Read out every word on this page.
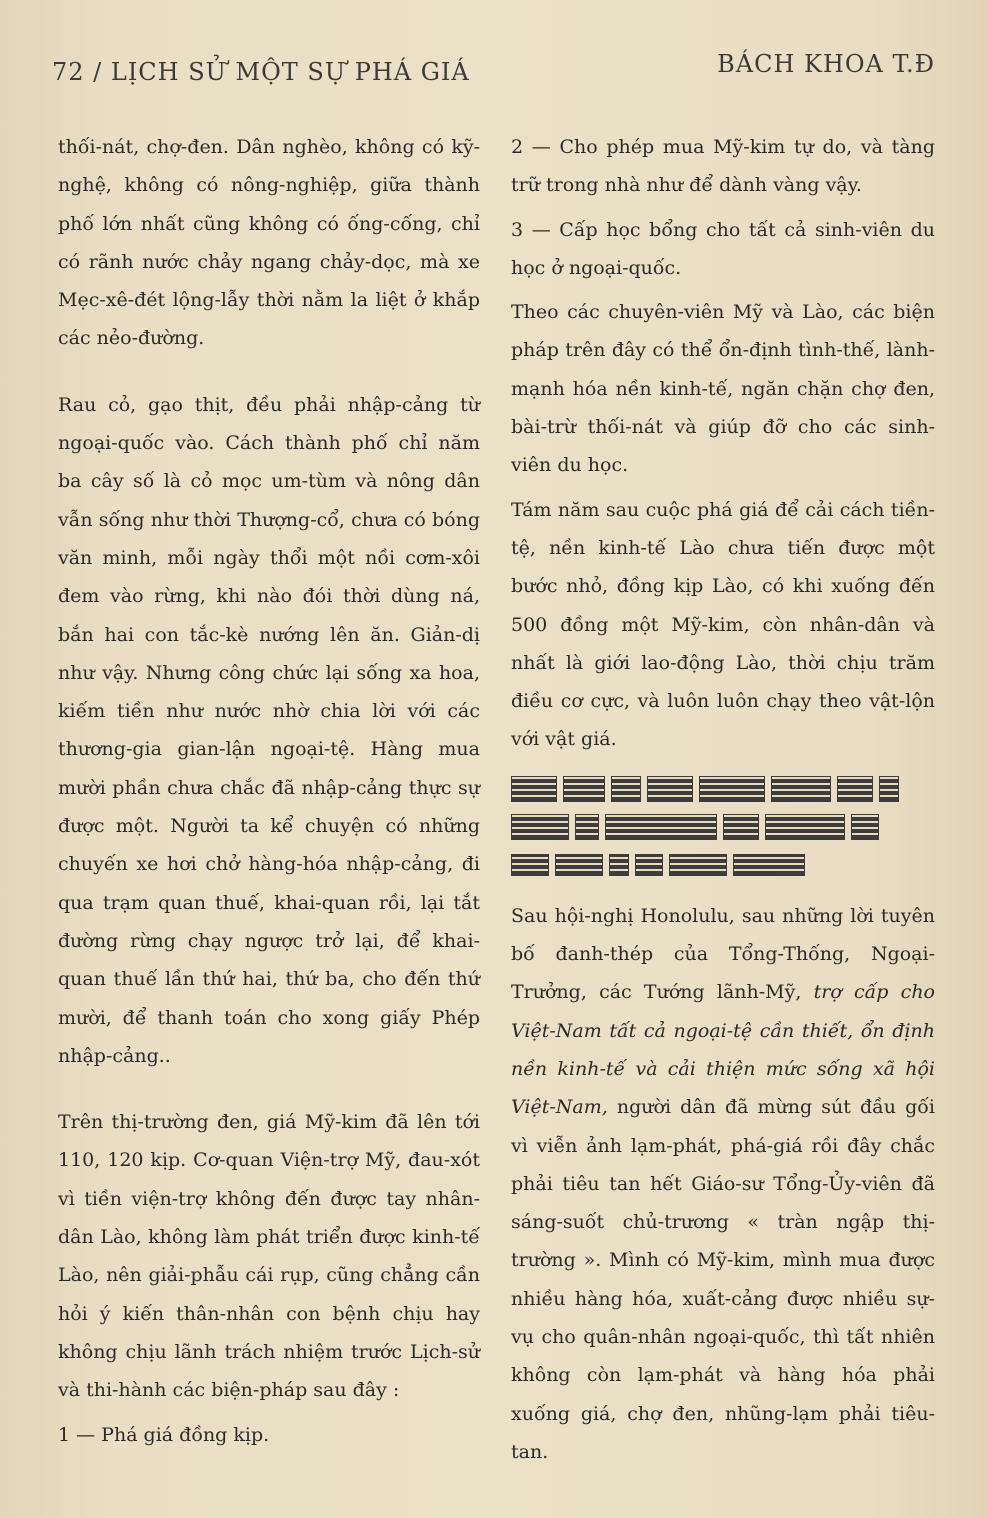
72 / LỊCH SỬ MỘT SỰ PHÁ GIÁ	BÁCH KHOA T.Đ

thối-nát, chợ-đen. Dân nghèo, không có kỹ-nghệ, không có nông-nghiệp, giữa thành phố lớn nhất cũng không có ống-cống, chỉ có rãnh nước chảy ngang chảy-dọc, mà xe Mẹc-xê-đét lộng-lẫy thời nằm la liệt ở khắp các nẻo-đường.

Rau cỏ, gạo thịt, đều phải nhập-cảng từ ngoại-quốc vào. Cách thành phố chỉ năm ba cây số là cỏ mọc um-tùm và nông dân vẫn sống như thời Thượng-cổ, chưa có bóng văn minh, mỗi ngày thổi một nồi cơm-xôi đem vào rừng, khi nào đói thời dùng ná, bắn hai con tắc-kè nướng lên ăn. Giản-dị như vậy. Nhưng công chức lại sống xa hoa, kiếm tiền như nước nhờ chia lời với các thương-gia gian-lận ngoại-tệ. Hàng mua mười phần chưa chắc đã nhập-cảng thực sự được một. Người ta kể chuyện có những chuyến xe hơi chở hàng-hóa nhập-cảng, đi qua trạm quan thuế, khai-quan rồi, lại tắt đường rừng chạy ngược trở lại, để khai-quan thuế lần thứ hai, thứ ba, cho đến thứ mười, để thanh toán cho xong giấy Phép nhập-cảng..

Trên thị-trường đen, giá Mỹ-kim đã lên tới 110, 120 kịp. Cơ-quan Viện-trợ Mỹ, đau-xót vì tiền viện-trợ không đến được tay nhân-dân Lào, không làm phát triển được kinh-tế Lào, nên giải-phẫu cái rụp, cũng chẳng cần hỏi ý kiến thân-nhân con bệnh chịu hay không chịu lãnh trách nhiệm trước Lịch-sử và thi-hành các biện-pháp sau đây :

1 — Phá giá đồng kịp.

2 — Cho phép mua Mỹ-kim tự do, và tàng trữ trong nhà như để dành vàng vậy.

3 — Cấp học bổng cho tất cả sinh-viên du học ở ngoại-quốc.

Theo các chuyên-viên Mỹ và Lào, các biện pháp trên đây có thể ổn-định tình-thế, lành-mạnh hóa nền kinh-tế, ngăn chặn chợ đen, bài-trừ thối-nát và giúp đỡ cho các sinh-viên du học.

Tám năm sau cuộc phá giá để cải cách tiền-tệ, nền kinh-tế Lào chưa tiến được một bước nhỏ, đồng kịp Lào, có khi xuống đến 500 đồng một Mỹ-kim, còn nhân-dân và nhất là giới lao-động Lào, thời chịu trăm điều cơ cực, và luôn luôn chạy theo vật-lộn với vật giá.

Sau hội-nghị Honolulu, sau những lời tuyên bố đanh-thép của Tổng-Thống, Ngoại-Trưởng, các Tướng lãnh-Mỹ, trợ cấp cho Việt-Nam tất cả ngoại-tệ cần thiết, ổn định nền kinh-tế và cải thiện mức sống xã hội Việt-Nam, người dân đã mừng sút đầu gối vì viễn ảnh lạm-phát, phá-giá rồi đây chắc phải tiêu tan hết Giáo-sư Tổng-Ủy-viên đã sáng-suốt chủ-trương « tràn ngập thị-trường ». Mình có Mỹ-kim, mình mua được nhiều hàng hóa, xuất-cảng được nhiều sự-vụ cho quân-nhân ngoại-quốc, thì tất nhiên không còn lạm-phát và hàng hóa phải xuống giá, chợ đen, nhũng-lạm phải tiêu-tan.
